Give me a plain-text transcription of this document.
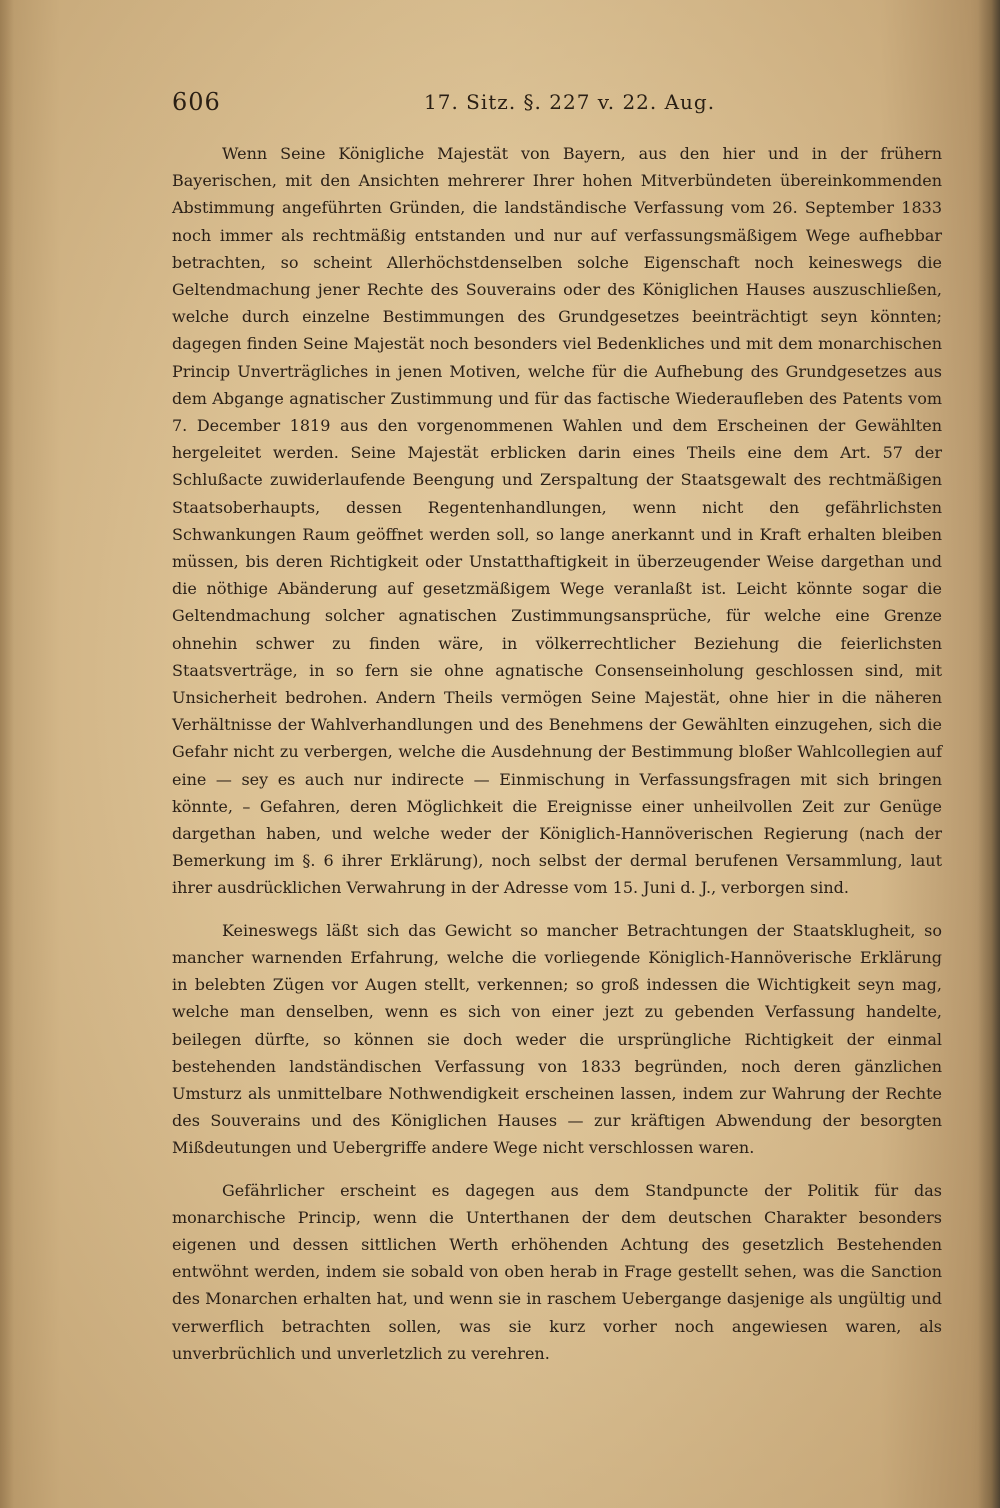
606	17. Sitz. §. 227 v. 22. Aug.

Wenn Seine Königliche Majestät von Bayern, aus den hier und in der frühern Bayerischen, mit den Ansichten mehrerer Ihrer hohen Mitverbündeten übereinkommenden Abstimmung angeführten Gründen, die landständische Verfassung vom 26. September 1833 noch immer als rechtmäßig entstanden und nur auf verfassungsmäßigem Wege aufhebbar betrachten, so scheint Allerhöchstdenselben solche Eigenschaft noch keineswegs die Geltendmachung jener Rechte des Souverains oder des Königlichen Hauses auszuschließen, welche durch einzelne Bestimmungen des Grundgesetzes beeinträchtigt seyn könnten; dagegen finden Seine Majestät noch besonders viel Bedenkliches und mit dem monarchischen Princip Unverträgliches in jenen Motiven, welche für die Aufhebung des Grundgesetzes aus dem Abgange agnatischer Zustimmung und für das factische Wiederaufleben des Patents vom 7. December 1819 aus den vorgenommenen Wahlen und dem Erscheinen der Gewählten hergeleitet werden. Seine Majestät erblicken darin eines Theils eine dem Art. 57 der Schlußacte zuwiderlaufende Beengung und Zerspaltung der Staatsgewalt des rechtmäßigen Staatsoberhaupts, dessen Regentenhandlungen, wenn nicht den gefährlichsten Schwankungen Raum geöffnet werden soll, so lange anerkannt und in Kraft erhalten bleiben müssen, bis deren Richtigkeit oder Unstatthaftigkeit in überzeugender Weise dargethan und die nöthige Abänderung auf gesetzmäßigem Wege veranlaßt ist. Leicht könnte sogar die Geltendmachung solcher agnatischen Zustimmungsansprüche, für welche eine Grenze ohnehin schwer zu finden wäre, in völkerrechtlicher Beziehung die feierlichsten Staatsverträge, in so fern sie ohne agnatische Consenseinholung geschlossen sind, mit Unsicherheit bedrohen. Andern Theils vermögen Seine Majestät, ohne hier in die näheren Verhältnisse der Wahlverhandlungen und des Benehmens der Gewählten einzugehen, sich die Gefahr nicht zu verbergen, welche die Ausdehnung der Bestimmung bloßer Wahlcollegien auf eine — sey es auch nur indirecte — Einmischung in Verfassungsfragen mit sich bringen könnte, – Gefahren, deren Möglichkeit die Ereignisse einer unheilvollen Zeit zur Genüge dargethan haben, und welche weder der Königlich-Hannöverischen Regierung (nach der Bemerkung im §. 6 ihrer Erklärung), noch selbst der dermal berufenen Versammlung, laut ihrer ausdrücklichen Verwahrung in der Adresse vom 15. Juni d. J., verborgen sind.

Keineswegs läßt sich das Gewicht so mancher Betrachtungen der Staatsklugheit, so mancher warnenden Erfahrung, welche die vorliegende Königlich-Hannöverische Erklärung in belebten Zügen vor Augen stellt, verkennen; so groß indessen die Wichtigkeit seyn mag, welche man denselben, wenn es sich von einer jezt zu gebenden Verfassung handelte, beilegen dürfte, so können sie doch weder die ursprüngliche Richtigkeit der einmal bestehenden landständischen Verfassung von 1833 begründen, noch deren gänzlichen Umsturz als unmittelbare Nothwendigkeit erscheinen lassen, indem zur Wahrung der Rechte des Souverains und des Königlichen Hauses — zur kräftigen Abwendung der besorgten Mißdeutungen und Uebergriffe andere Wege nicht verschlossen waren.

Gefährlicher erscheint es dagegen aus dem Standpuncte der Politik für das monarchische Princip, wenn die Unterthanen der dem deutschen Charakter besonders eigenen und dessen sittlichen Werth erhöhenden Achtung des gesetzlich Bestehenden entwöhnt werden, indem sie sobald von oben herab in Frage gestellt sehen, was die Sanction des Monarchen erhalten hat, und wenn sie in raschem Uebergange dasjenige als ungültig und verwerflich betrachten sollen, was sie kurz vorher noch angewiesen waren, als unverbrüchlich und unverletzlich zu verehren.
